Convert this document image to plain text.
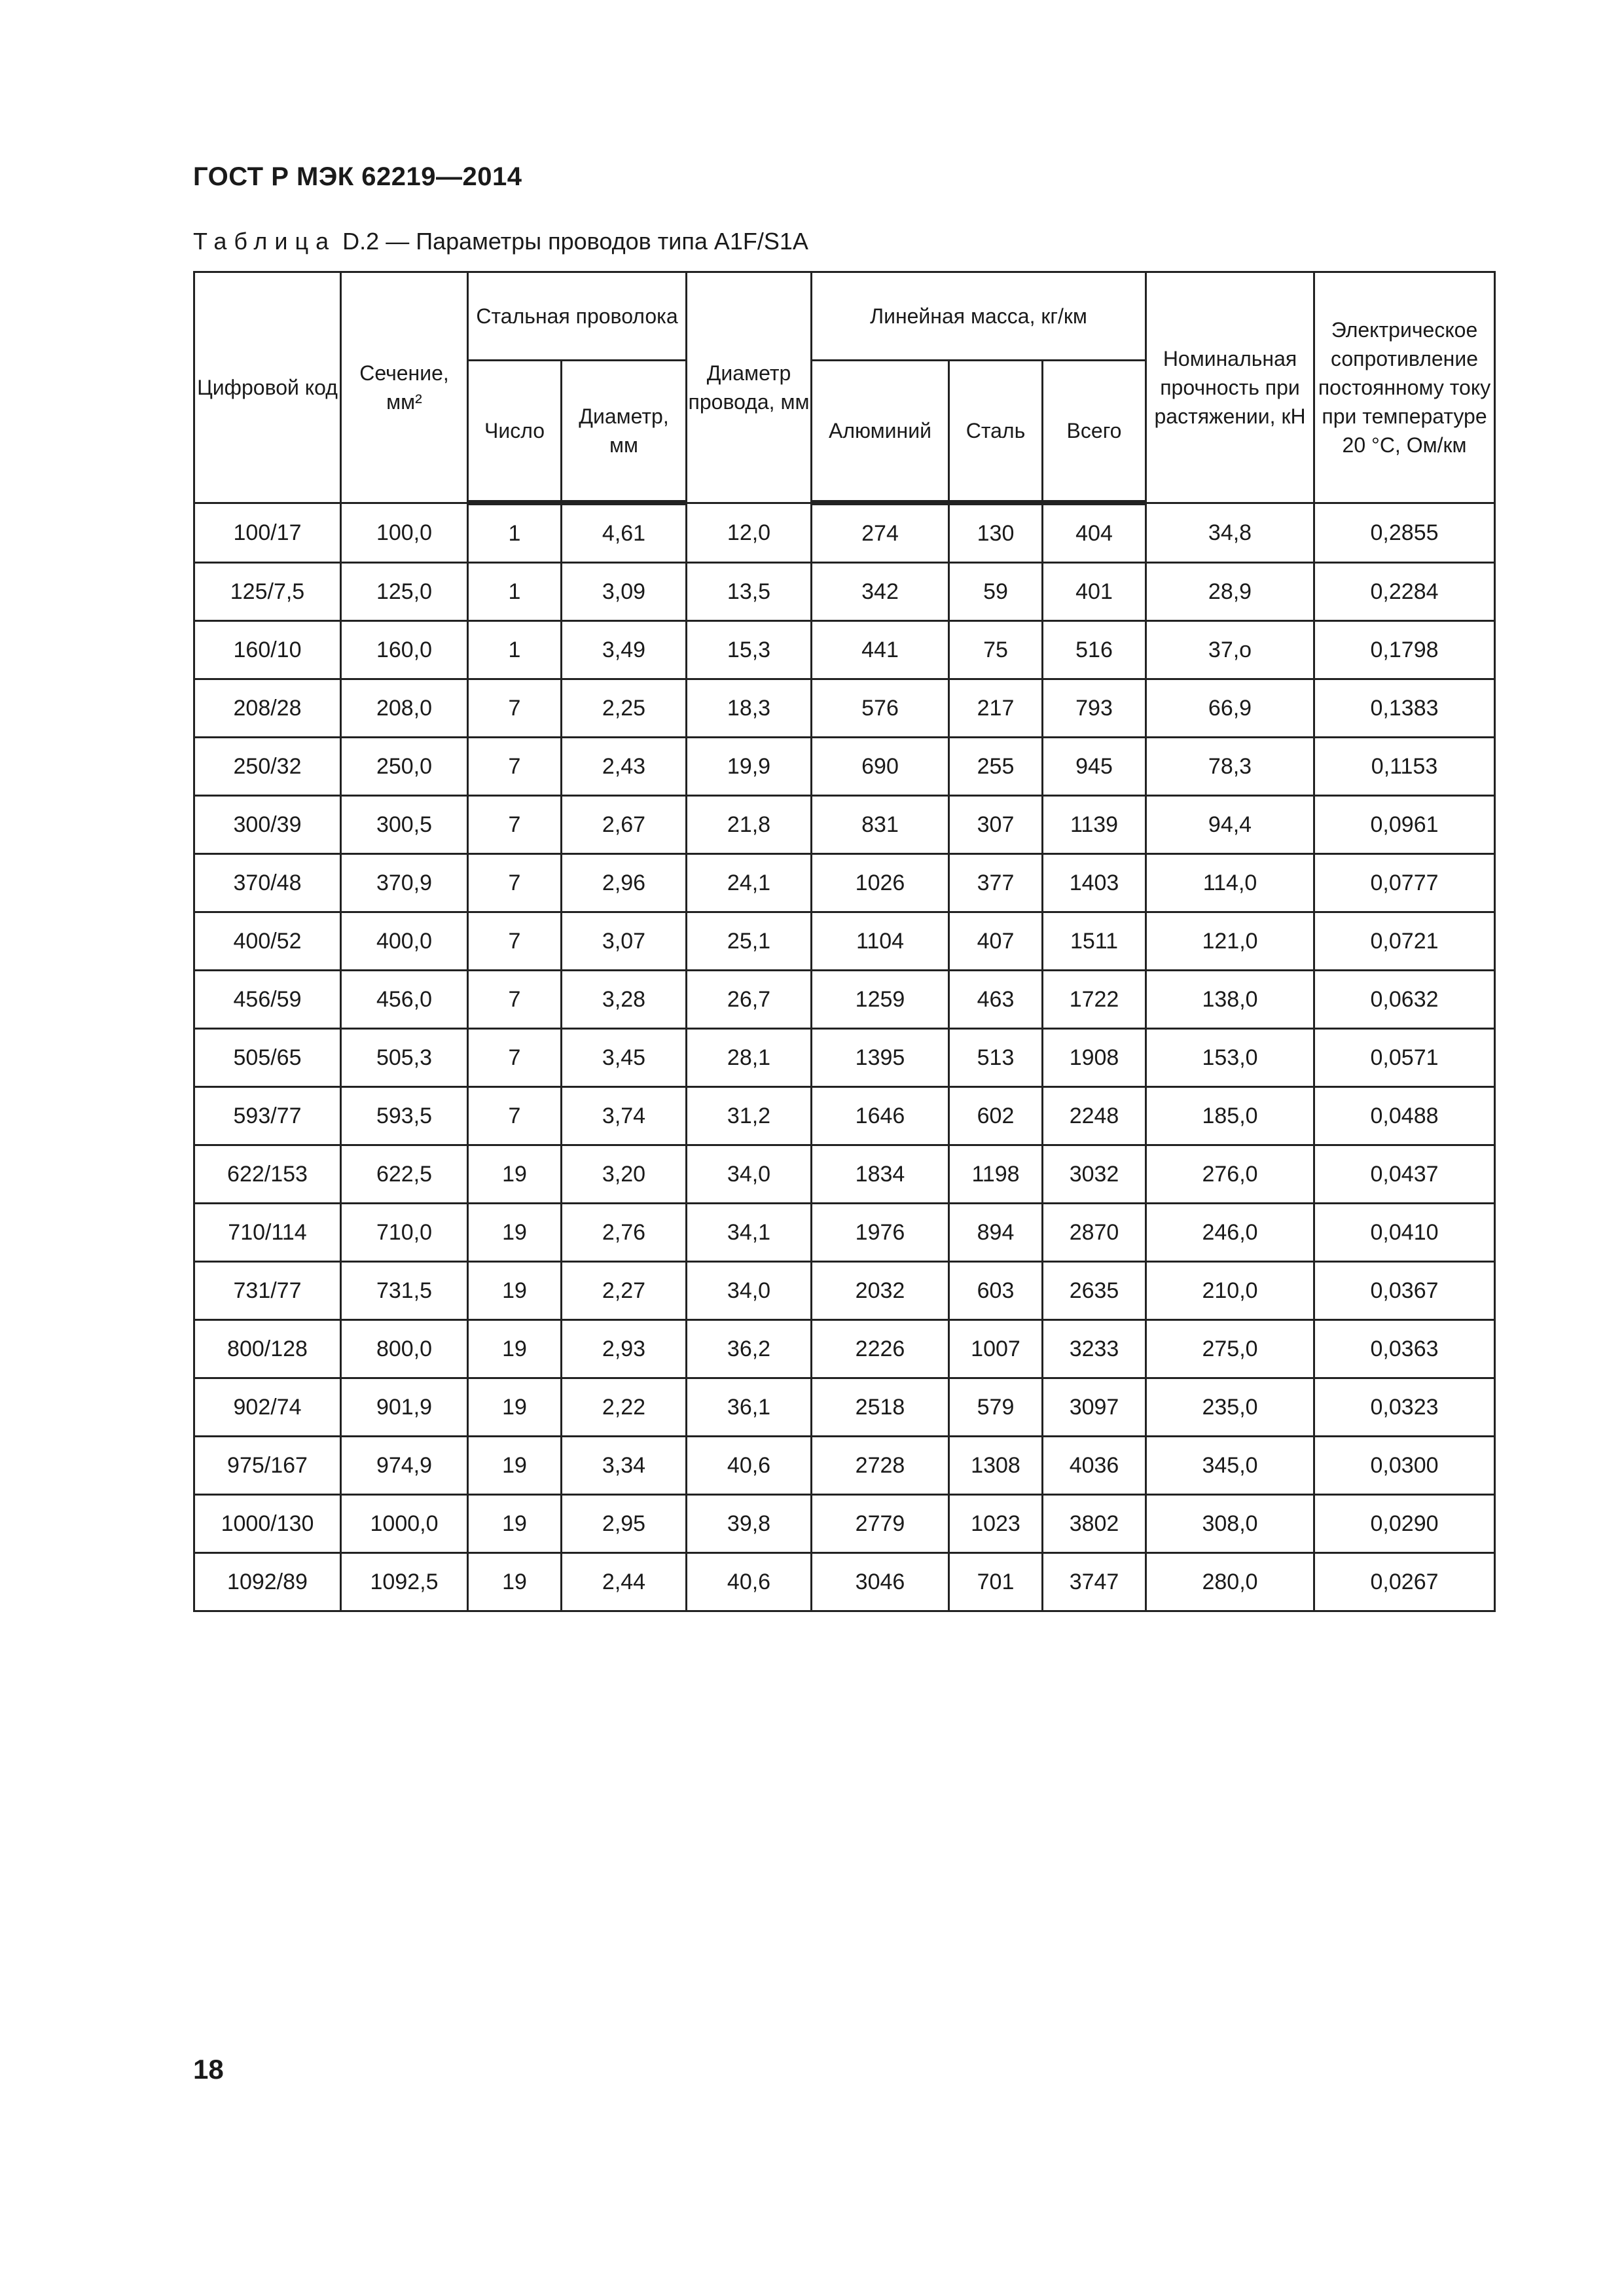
ГОСТ Р МЭК 62219—2014
Таблица D.2 — Параметры проводов типа A1F/S1A
Цифровой код	Сечение, мм²	Стальная проволока		Диаметр провода, мм	Линейная масса, кг/км			Номинальная прочность при растяжении, кН	Электрическое сопротивление постоянному току при температуре 20 °С, Ом/км
		Число	Диаметр, мм		Алюминий	Сталь	Всего		
100/17	100,0	1	4,61	12,0	274	130	404	34,8	0,2855
125/7,5	125,0	1	3,09	13,5	342	59	401	28,9	0,2284
160/10	160,0	1	3,49	15,3	441	75	516	37,о	0,1798
208/28	208,0	7	2,25	18,3	576	217	793	66,9	0,1383
250/32	250,0	7	2,43	19,9	690	255	945	78,3	0,1153
300/39	300,5	7	2,67	21,8	831	307	1139	94,4	0,0961
370/48	370,9	7	2,96	24,1	1026	377	1403	114,0	0,0777
400/52	400,0	7	3,07	25,1	1104	407	1511	121,0	0,0721
456/59	456,0	7	3,28	26,7	1259	463	1722	138,0	0,0632
505/65	505,3	7	3,45	28,1	1395	513	1908	153,0	0,0571
593/77	593,5	7	3,74	31,2	1646	602	2248	185,0	0,0488
622/153	622,5	19	3,20	34,0	1834	1198	3032	276,0	0,0437
710/114	710,0	19	2,76	34,1	1976	894	2870	246,0	0,0410
731/77	731,5	19	2,27	34,0	2032	603	2635	210,0	0,0367
800/128	800,0	19	2,93	36,2	2226	1007	3233	275,0	0,0363
902/74	901,9	19	2,22	36,1	2518	579	3097	235,0	0,0323
975/167	974,9	19	3,34	40,6	2728	1308	4036	345,0	0,0300
1000/130	1000,0	19	2,95	39,8	2779	1023	3802	308,0	0,0290
1092/89	1092,5	19	2,44	40,6	3046	701	3747	280,0	0,0267
18
